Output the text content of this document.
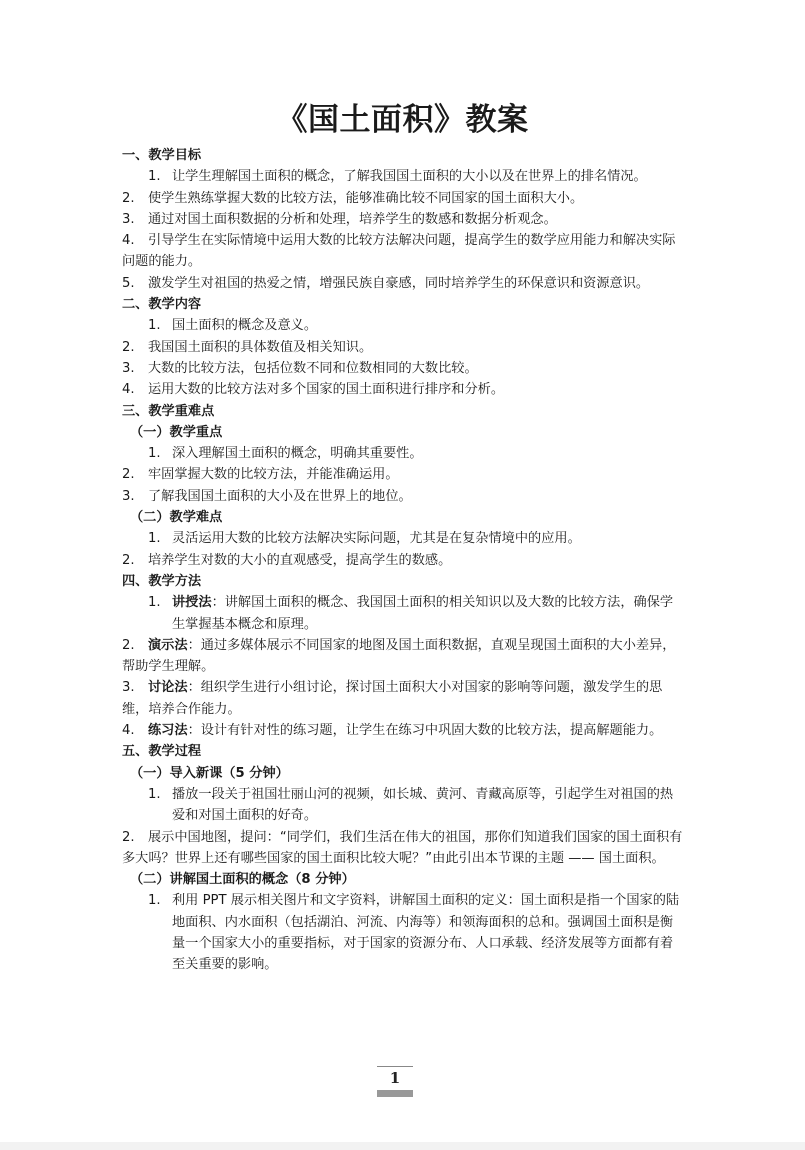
《国土面积》教案

一、教学目标

1. 让学生理解国土面积的概念，了解我国国土面积的大小以及在世界上的排名情况。

2. 使学生熟练掌握大数的比较方法，能够准确比较不同国家的国土面积大小。

3. 通过对国土面积数据的分析和处理，培养学生的数感和数据分析观念。

4. 引导学生在实际情境中运用大数的比较方法解决问题，提高学生的数学应用能力和解决实际问题的能力。

5. 激发学生对祖国的热爱之情，增强民族自豪感，同时培养学生的环保意识和资源意识。

二、教学内容

1. 国土面积的概念及意义。

2. 我国国土面积的具体数值及相关知识。

3. 大数的比较方法，包括位数不同和位数相同的大数比较。

4. 运用大数的比较方法对多个国家的国土面积进行排序和分析。

三、教学重难点

（一）教学重点

1. 深入理解国土面积的概念，明确其重要性。

2. 牢固掌握大数的比较方法，并能准确运用。

3. 了解我国国土面积的大小及在世界上的地位。

（二）教学难点

1. 灵活运用大数的比较方法解决实际问题，尤其是在复杂情境中的应用。

2. 培养学生对数的大小的直观感受，提高学生的数感。

四、教学方法

1. 讲授法：讲解国土面积的概念、我国国土面积的相关知识以及大数的比较方法，确保学生掌握基本概念和原理。

2. 演示法：通过多媒体展示不同国家的地图及国土面积数据，直观呈现国土面积的大小差异，帮助学生理解。

3. 讨论法：组织学生进行小组讨论，探讨国土面积大小对国家的影响等问题，激发学生的思维，培养合作能力。

4. 练习法：设计有针对性的练习题，让学生在练习中巩固大数的比较方法，提高解题能力。

五、教学过程

（一）导入新课（5 分钟）

1. 播放一段关于祖国壮丽山河的视频，如长城、黄河、青藏高原等，引起学生对祖国的热爱和对国土面积的好奇。

2. 展示中国地图，提问：“同学们，我们生活在伟大的祖国，那你们知道我们国家的国土面积有多大吗？世界上还有哪些国家的国土面积比较大呢？”由此引出本节课的主题 —— 国土面积。

（二）讲解国土面积的概念（8 分钟）

1. 利用 PPT 展示相关图片和文字资料，讲解国土面积的定义：国土面积是指一个国家的陆地面积、内水面积（包括湖泊、河流、内海等）和领海面积的总和。强调国土面积是衡量一个国家大小的重要指标，对于国家的资源分布、人口承载、经济发展等方面都有着至关重要的影响。

1
